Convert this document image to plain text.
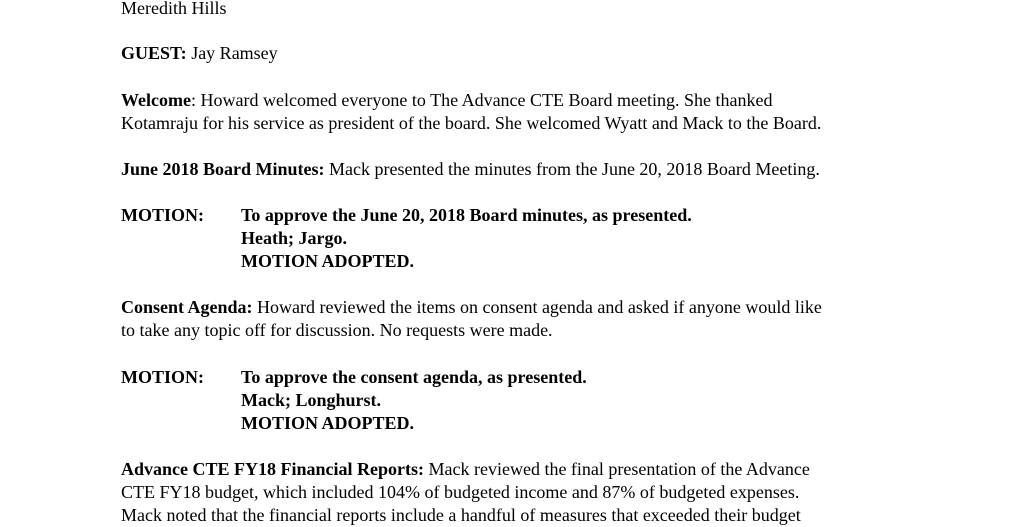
Meredith Hills
GUEST: Jay Ramsey
Welcome: Howard welcomed everyone to The Advance CTE Board meeting. She thanked
Kotamraju for his service as president of the board. She welcomed Wyatt and Mack to the Board.
June 2018 Board Minutes: Mack presented the minutes from the June 20, 2018 Board Meeting.
MOTION: To approve the June 20, 2018 Board minutes, as presented.
Heath; Jargo.
MOTION ADOPTED.
Consent Agenda: Howard reviewed the items on consent agenda and asked if anyone would like
to take any topic off for discussion. No requests were made.
MOTION: To approve the consent agenda, as presented.
Mack; Longhurst.
MOTION ADOPTED.
Advance CTE FY18 Financial Reports: Mack reviewed the final presentation of the Advance
CTE FY18 budget, which included 104% of budgeted income and 87% of budgeted expenses.
Mack noted that the financial reports include a handful of measures that exceeded their budget
